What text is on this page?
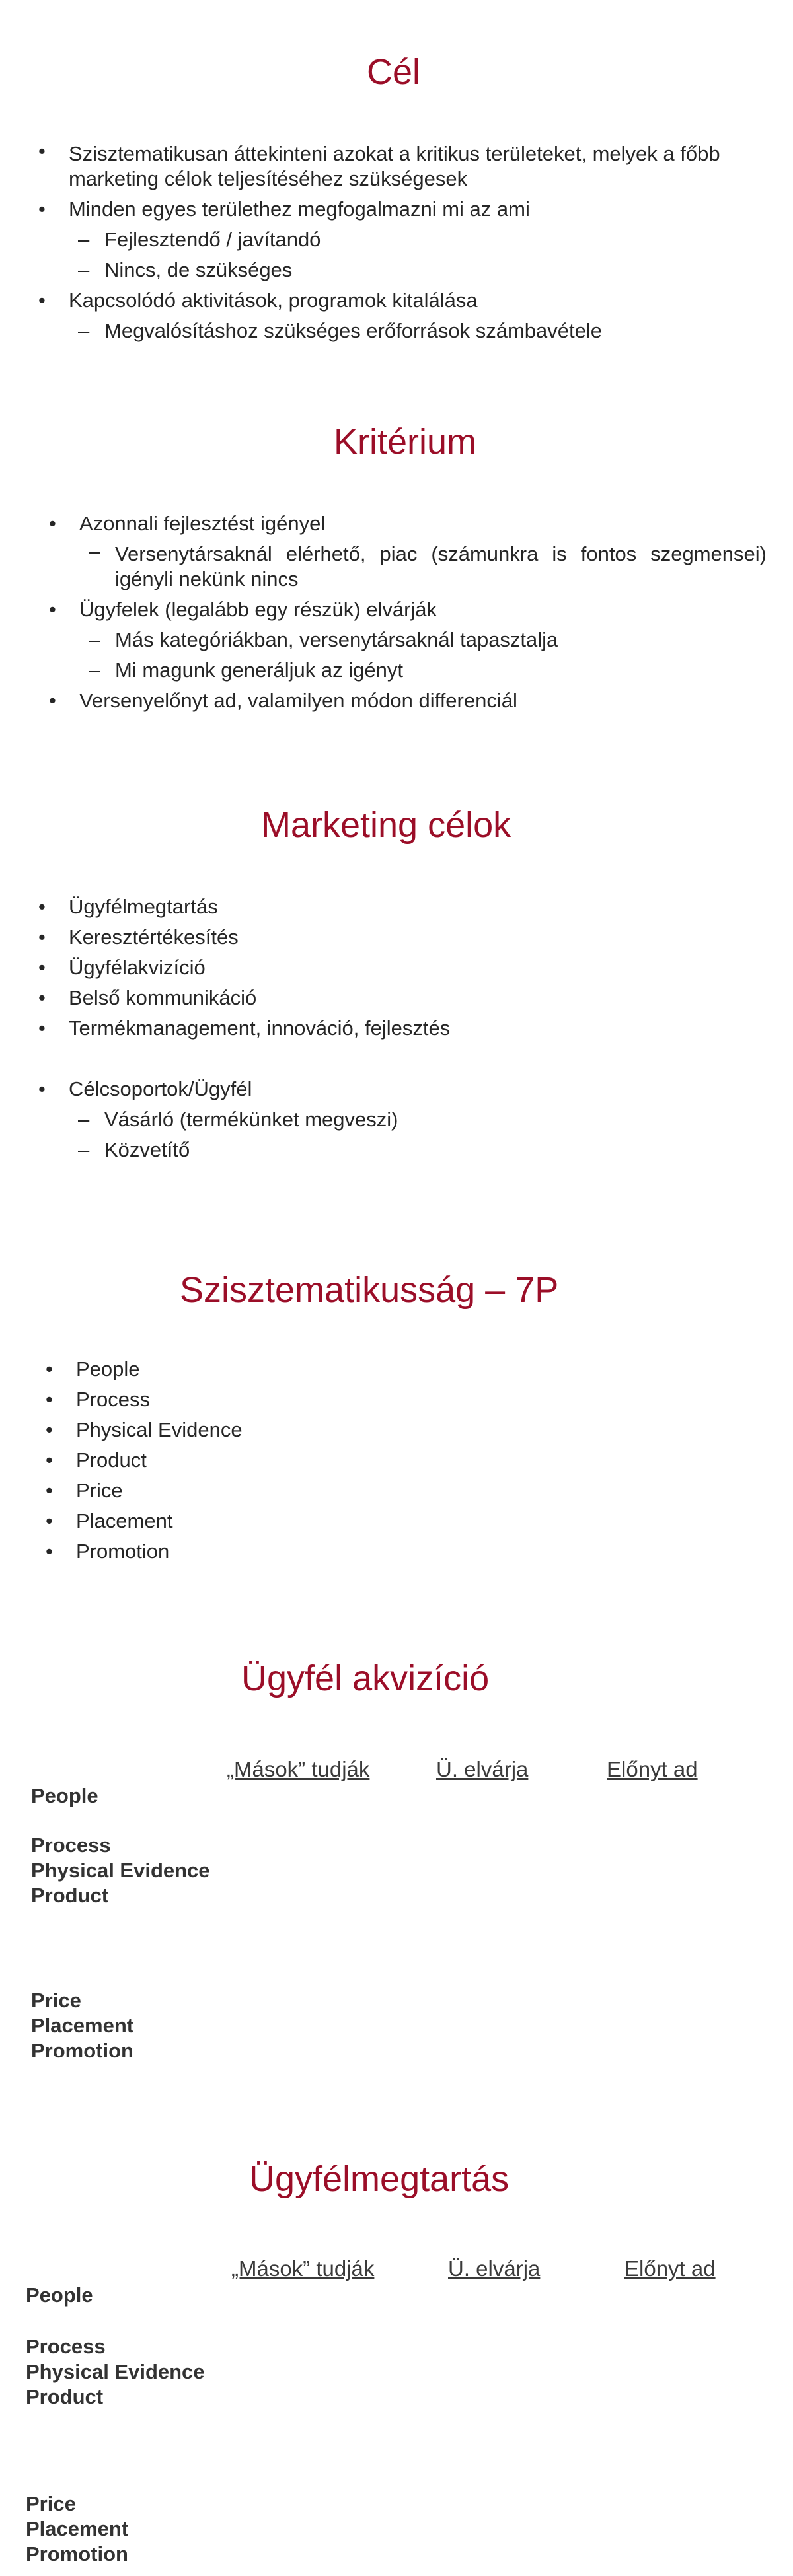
Cél
• Szisztematikusan áttekinteni azokat a kritikus területeket, melyek a főbb marketing célok teljesítéséhez szükségesek
• Minden egyes területhez megfogalmazni mi az ami
– Fejlesztendő / javítandó
– Nincs, de szükséges
• Kapcsolódó aktivitások, programok kitalálása
– Megvalósításhoz szükséges erőforrások számbavétele
Kritérium
• Azonnali fejlesztést igényel
– Versenytársaknál elérhető, piac (számunkra is fontos szegmensei) igényli nekünk nincs
• Ügyfelek (legalább egy részük) elvárják
– Más kategóriákban, versenytársaknál tapasztalja
– Mi magunk generáljuk az igényt
• Versenyelőnyt ad, valamilyen módon differenciál
Marketing célok
• Ügyfélmegtartás
• Keresztértékesítés
• Ügyfélakvizíció
• Belső kommunikáció
• Termékmanagement, innováció, fejlesztés
• Célcsoportok/Ügyfél
– Vásárló (termékünket megveszi)
– Közvetítő
Szisztematikusság – 7P
• People
• Process
• Physical Evidence
• Product
• Price
• Placement
• Promotion
Ügyfél akvizíció
„Mások” tudják	Ü. elvárja	Előnyt ad
People
Process
Physical Evidence
Product
Price
Placement
Promotion
Ügyfélmegtartás
„Mások” tudják	Ü. elvárja	Előnyt ad
People
Process
Physical Evidence
Product
Price
Placement
Promotion
